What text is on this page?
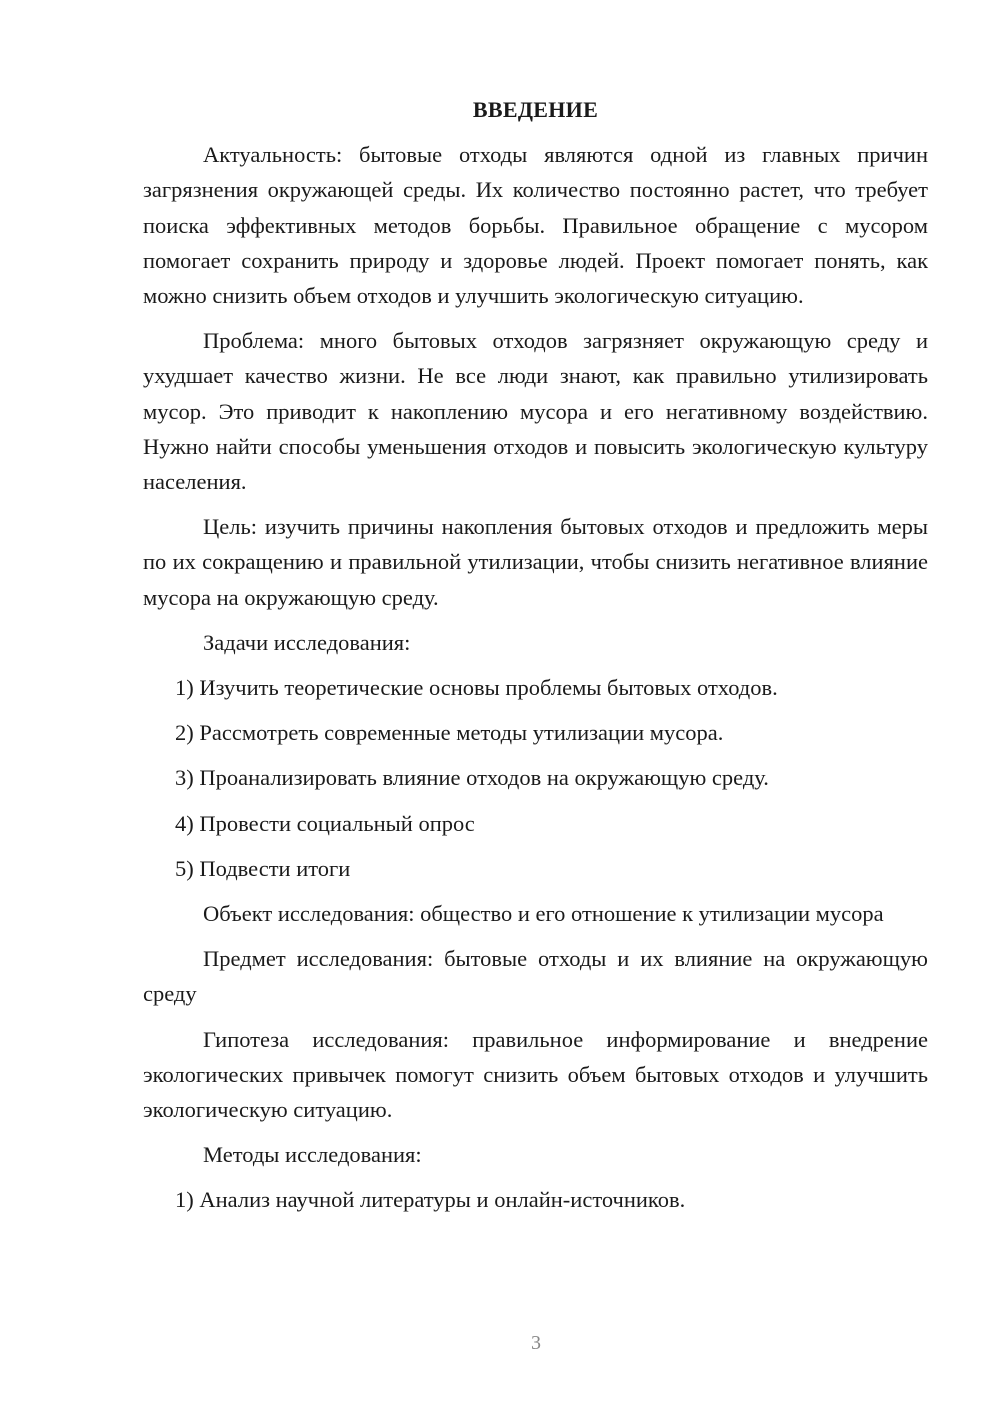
ВВЕДЕНИЕ

Актуальность: бытовые отходы являются одной из главных причин загрязнения окружающей среды. Их количество постоянно растет, что требует поиска эффективных методов борьбы. Правильное обращение с мусором помогает сохранить природу и здоровье людей. Проект помогает понять, как можно снизить объем отходов и улучшить экологическую ситуацию.

Проблема: много бытовых отходов загрязняет окружающую среду и ухудшает качество жизни. Не все люди знают, как правильно утилизировать мусор. Это приводит к накоплению мусора и его негативному воздействию. Нужно найти способы уменьшения отходов и повысить экологическую культуру населения.

Цель: изучить причины накопления бытовых отходов и предложить меры по их сокращению и правильной утилизации, чтобы снизить негативное влияние мусора на окружающую среду.

Задачи исследования:

1) Изучить теоретические основы проблемы бытовых отходов.

2) Рассмотреть современные методы утилизации мусора.

3) Проанализировать влияние отходов на окружающую среду.

4) Провести социальный опрос

5) Подвести итоги

Объект исследования: общество и его отношение к утилизации мусора

Предмет исследования: бытовые отходы и их влияние на окружающую среду

Гипотеза исследования: правильное информирование и внедрение экологических привычек помогут снизить объем бытовых отходов и улучшить экологическую ситуацию.

Методы исследования:

1) Анализ научной литературы и онлайн-источников.

3
